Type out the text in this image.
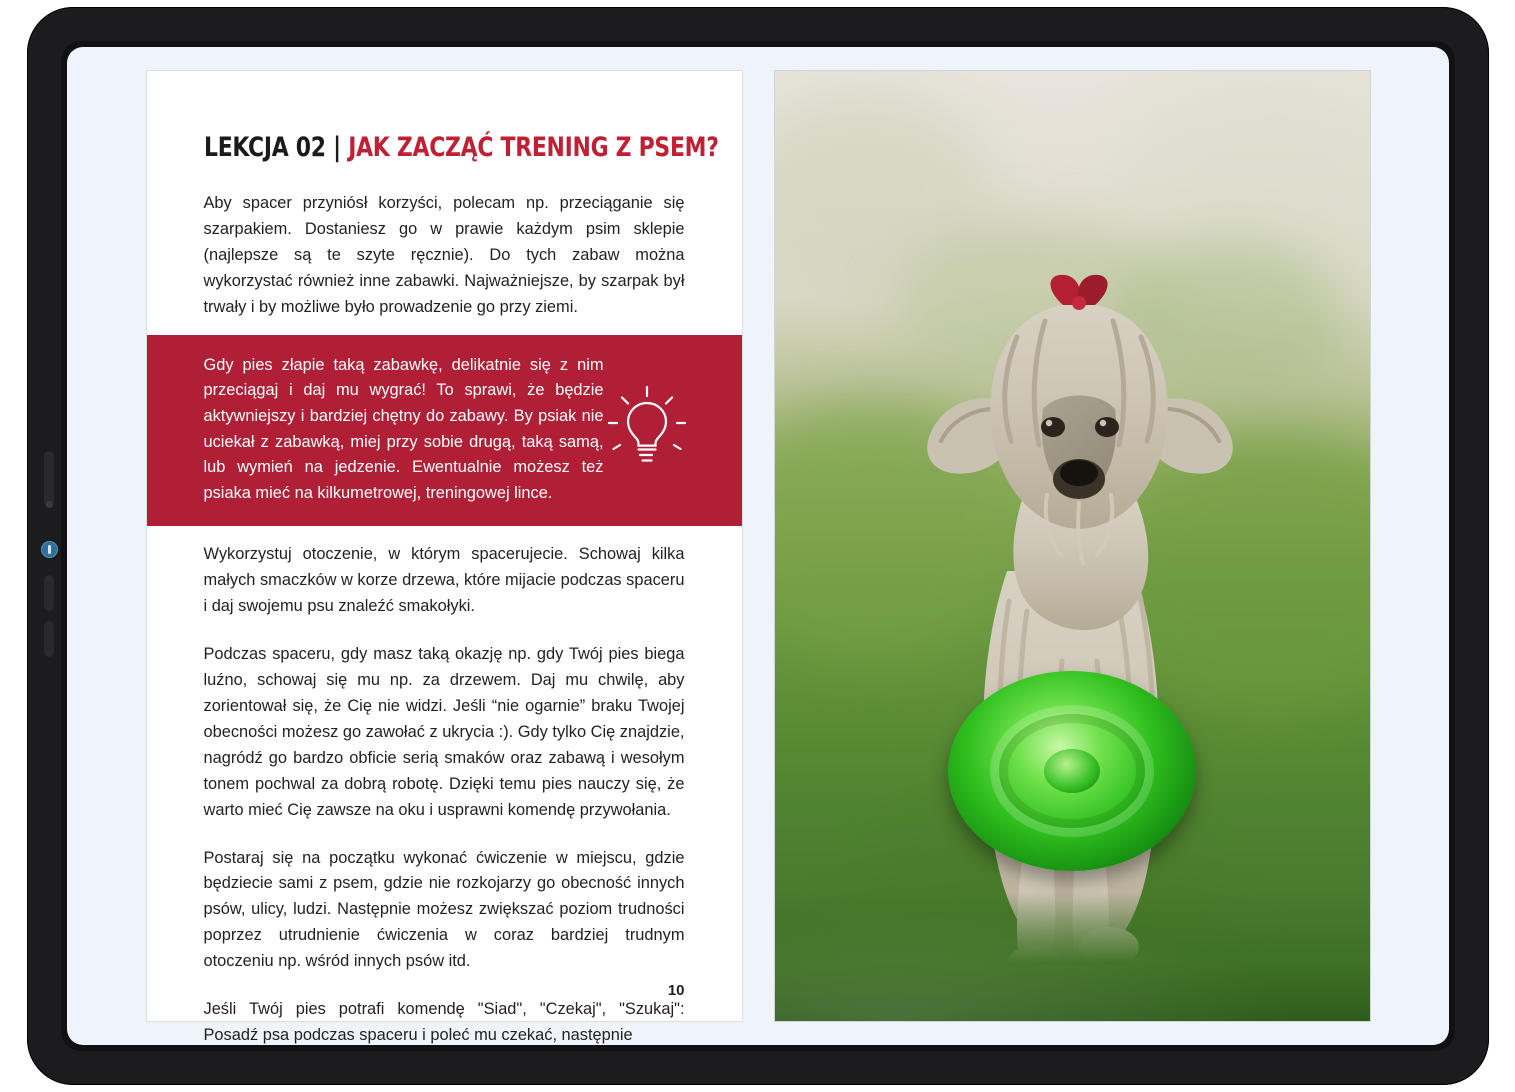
LEKCJA 02 | JAK ZACZĄĆ TRENING Z PSEM?

Aby spacer przyniósł korzyści, polecam np. przeciąganie się szarpakiem. Dostaniesz go w prawie każdym psim sklepie (najlepsze są te szyte ręcznie). Do tych zabaw można wykorzystać również inne zabawki. Najważniejsze, by szarpak był trwały i by możliwe było prowadzenie go przy ziemi.

Gdy pies złapie taką zabawkę, delikatnie się z nim przeciągaj i daj mu wygrać! To sprawi, że będzie aktywniejszy i bardziej chętny do zabawy. By psiak nie uciekał z zabawką, miej przy sobie drugą, taką samą, lub wymień na jedzenie. Ewentualnie możesz też psiaka mieć na kilkumetrowej, treningowej lince.

Wykorzystuj otoczenie, w którym spacerujecie. Schowaj kilka małych smaczków w korze drzewa, które mijacie podczas spaceru i daj swojemu psu znaleźć smakołyki.

Podczas spaceru, gdy masz taką okazję np. gdy Twój pies biega luźno, schowaj się mu np. za drzewem. Daj mu chwilę, aby zorientował się, że Cię nie widzi. Jeśli “nie ogarnie” braku Twojej obecności możesz go zawołać z ukrycia :). Gdy tylko Cię znajdzie, nagródź go bardzo obficie serią smaków oraz zabawą i wesołym tonem pochwal za dobrą robotę. Dzięki temu pies nauczy się, że warto mieć Cię zawsze na oku i usprawni komendę przywołania.

Postaraj się na początku wykonać ćwiczenie w miejscu, gdzie będziecie sami z psem, gdzie nie rozkojarzy go obecność innych psów, ulicy, ludzi. Następnie możesz zwiększać poziom trudności poprzez utrudnienie ćwiczenia w coraz bardziej trudnym otoczeniu np. wśród innych psów itd.

Jeśli Twój pies potrafi komendę "Siad", "Czekaj", "Szukaj": Posadź psa podczas spaceru i poleć mu czekać, następnie

10
